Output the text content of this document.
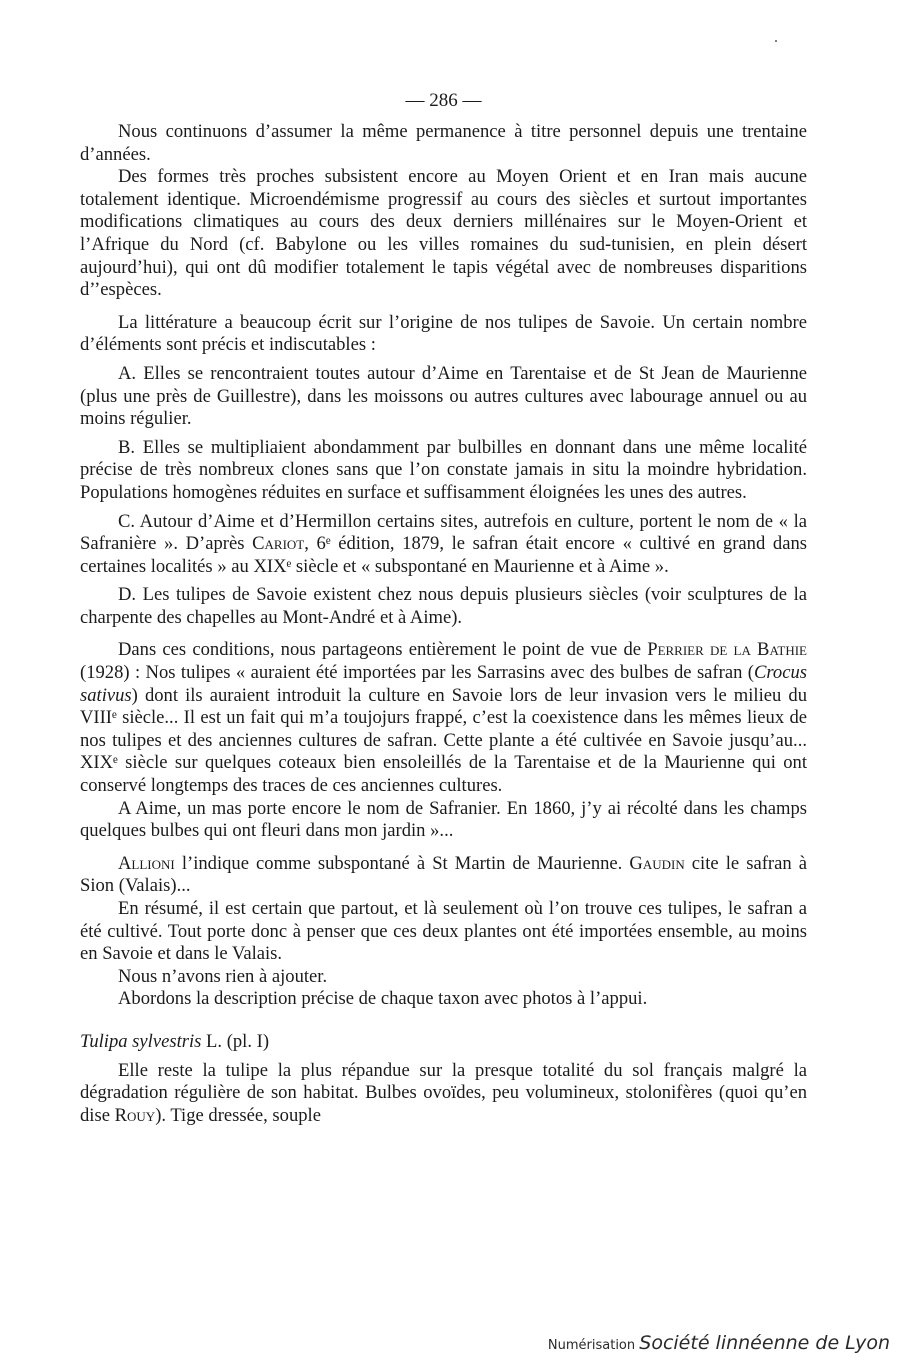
— 286 —

Nous continuons d’assumer la même permanence à titre personnel depuis une trentaine d’années.

Des formes très proches subsistent encore au Moyen Orient et en Iran mais aucune totalement identique. Microendémisme progressif au cours des siècles et surtout importantes modifications climatiques au cours des deux derniers millénaires sur le Moyen-Orient et l’Afrique du Nord (cf. Babylone ou les villes romaines du sud-tunisien, en plein désert aujourd’hui), qui ont dû modifier totalement le tapis végétal avec de nombreuses disparitions d’’espèces.

La littérature a beaucoup écrit sur l’origine de nos tulipes de Savoie. Un certain nombre d’éléments sont précis et indiscutables :

A. Elles se rencontraient toutes autour d’Aime en Tarentaise et de St Jean de Maurienne (plus une près de Guillestre), dans les moissons ou autres cultures avec labourage annuel ou au moins régulier.

B. Elles se multipliaient abondamment par bulbilles en donnant dans une même localité précise de très nombreux clones sans que l’on constate jamais in situ la moindre hybridation. Populations homogènes réduites en surface et suffisamment éloignées les unes des autres.

C. Autour d’Aime et d’Hermillon certains sites, autrefois en culture, portent le nom de « la Safranière ». D’après Cariot, 6ᵉ édition, 1879, le safran était encore « cultivé en grand dans certaines localités » au XIXᵉ siècle et « subspontané en Maurienne et à Aime ».

D. Les tulipes de Savoie existent chez nous depuis plusieurs siècles (voir sculptures de la charpente des chapelles au Mont-André et à Aime).

Dans ces conditions, nous partageons entièrement le point de vue de Perrier de la Bathie (1928) : Nos tulipes « auraient été importées par les Sarrasins avec des bulbes de safran (Crocus sativus) dont ils auraient introduit la culture en Savoie lors de leur invasion vers le milieu du VIIIᵉ siècle... Il est un fait qui m’a toujojurs frappé, c’est la coexistence dans les mêmes lieux de nos tulipes et des anciennes cultures de safran. Cette plante a été cultivée en Savoie jusqu’au... XIXᵉ siècle sur quelques coteaux bien ensoleillés de la Tarentaise et de la Maurienne qui ont conservé longtemps des traces de ces anciennes cultures.

A Aime, un mas porte encore le nom de Safranier. En 1860, j’y ai récolté dans les champs quelques bulbes qui ont fleuri dans mon jardin »...

Allioni l’indique comme subspontané à St Martin de Maurienne. Gaudin cite le safran à Sion (Valais)...

En résumé, il est certain que partout, et là seulement où l’on trouve ces tulipes, le safran a été cultivé. Tout porte donc à penser que ces deux plantes ont été importées ensemble, au moins en Savoie et dans le Valais.

Nous n’avons rien à ajouter.

Abordons la description précise de chaque taxon avec photos à l’appui.

Tulipa sylvestris L. (pl. I)

Elle reste la tulipe la plus répandue sur la presque totalité du sol français malgré la dégradation régulière de son habitat. Bulbes ovoïdes, peu volumineux, stolonifères (quoi qu’en dise Rouy). Tige dressée, souple

Numérisation Société linnéenne de Lyon
